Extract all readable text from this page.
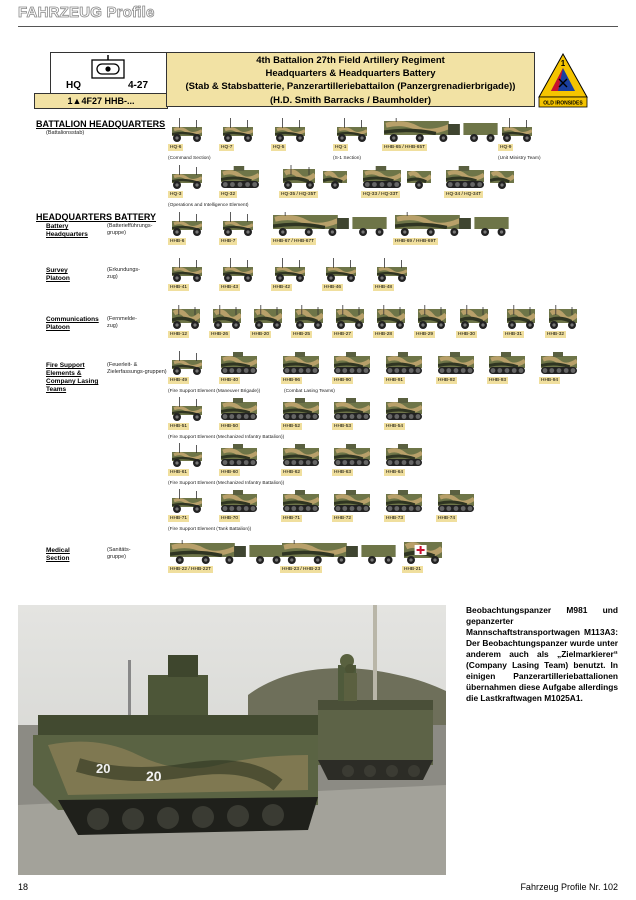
FAHRZEUG Profile
HQ	4-27
1▲4F27 HHB-...
4th Battalion 27th Field Artillery Regiment
Headquarters & Headquarters Battery
(Stab & Stabsbatterie, Panzerartilleriebattailon (Panzergrenadierbrigade))
(H.D. Smith Barracks / Baumholder)
1
OLD IRONSIDES
BATTALION HEADQUARTERS
(Battalionsstab)
HEADQUARTERS BATTERY
Battery Headquarters
(Batteriefführungs-gruppe)
Survey Platoon
(Erkundungs-zug)
Communications Platoon
(Fernmelde-zug)
Fire Support Elements & Company Lasing Teams
(Feuerleit- & Zielerfassungs-gruppen)
Medical Section
(Sanitäts-gruppe)
HQ-6	HQ-7	HQ-5	HQ-1	HHB-65 / HHB-65T	HQ-9
HQ-3	HQ-32	HQ-35 / HQ-35T	HQ-33 / HQ-33T	HQ-34 / HQ-34T
HHB-6	HHB-7	HHB-67 / HHB-67T	HHB-69 / HHB-69T
HHB-41	HHB-43	HHB-42	HHB-46	HHB-48
HHB-12	HHB-26	HHB-20	HHB-25	HHB-27	HHB-28	HHB-29	HHB-30	HHB-31	HHB-32
HHB-49	HHB-40	HHB-96	HHB-90	HHB-91	HHB-92	HHB-93	HHB-94
HHB-51	HHB-50	HHB-52	HHB-53	HHB-54
HHB-61	HHB-60	HHB-62	HHB-63	HHB-64
HHB-71	HHB-70	HHB-71	HHB-72	HHB-73	HHB-74
HHB-22 / HHB-22T	HHB-23 / HHB-23	HHB-21
(Command Section)	(S-1 Section)	(Unit Ministry Team)
(Operations and Intelligence Element)
(Fire Support Element (Maneuver Brigade))	(Combat Lasing Teams)
(Fire Support Element (Mechanized Infantry Battalion))
(Fire Support Element (Mechanized Infantry Battalion))
(Fire Support Element (Tank Battalion))
20	20
Beobachtungspanzer M981 und gepanzerter Mannschaftstransportwagen M113A3: Der Beobachtungspanzer wurde unter anderem auch als „Zielmarkierer“ (Company Lasing Team) benutzt. In einigen Panzerartilleriebattalionen übernahmen diese Aufgabe allerdings die Lastkraftwagen M1025A1.
18	Fahrzeug Profile Nr. 102
